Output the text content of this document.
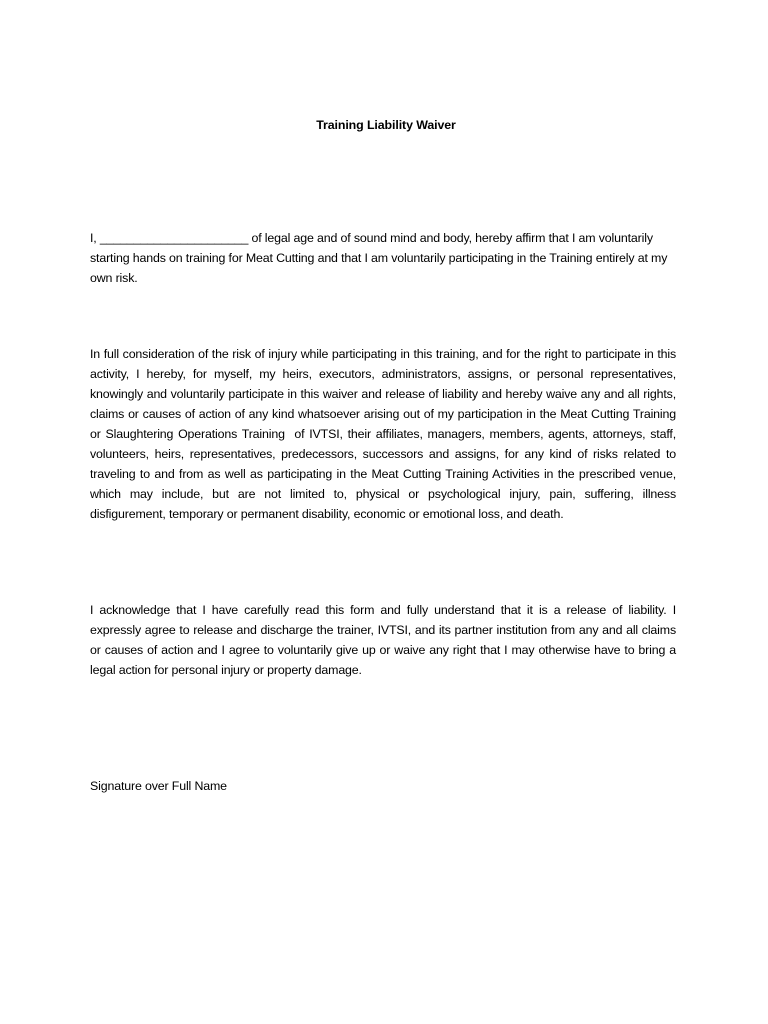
Training Liability Waiver
I, ______________________ of legal age and of sound mind and body, hereby affirm that I am voluntarily starting hands on training for Meat Cutting and that I am voluntarily participating in the Training entirely at my own risk.
In full consideration of the risk of injury while participating in this training, and for the right to participate in this activity, I hereby, for myself, my heirs, executors, administrators, assigns, or personal representatives, knowingly and voluntarily participate in this waiver and release of liability and hereby waive any and all rights, claims or causes of action of any kind whatsoever arising out of my participation in the Meat Cutting Training or Slaughtering Operations Training  of IVTSI, their affiliates, managers, members, agents, attorneys, staff, volunteers, heirs, representatives, predecessors, successors and assigns, for any kind of risks related to traveling to and from as well as participating in the Meat Cutting Training Activities in the prescribed venue, which may include, but are not limited to, physical or psychological injury, pain, suffering, illness disfigurement, temporary or permanent disability, economic or emotional loss, and death.
I acknowledge that I have carefully read this form and fully understand that it is a release of liability. I expressly agree to release and discharge the trainer, IVTSI, and its partner institution from any and all claims or causes of action and I agree to voluntarily give up or waive any right that I may otherwise have to bring a legal action for personal injury or property damage.
Signature over Full Name
